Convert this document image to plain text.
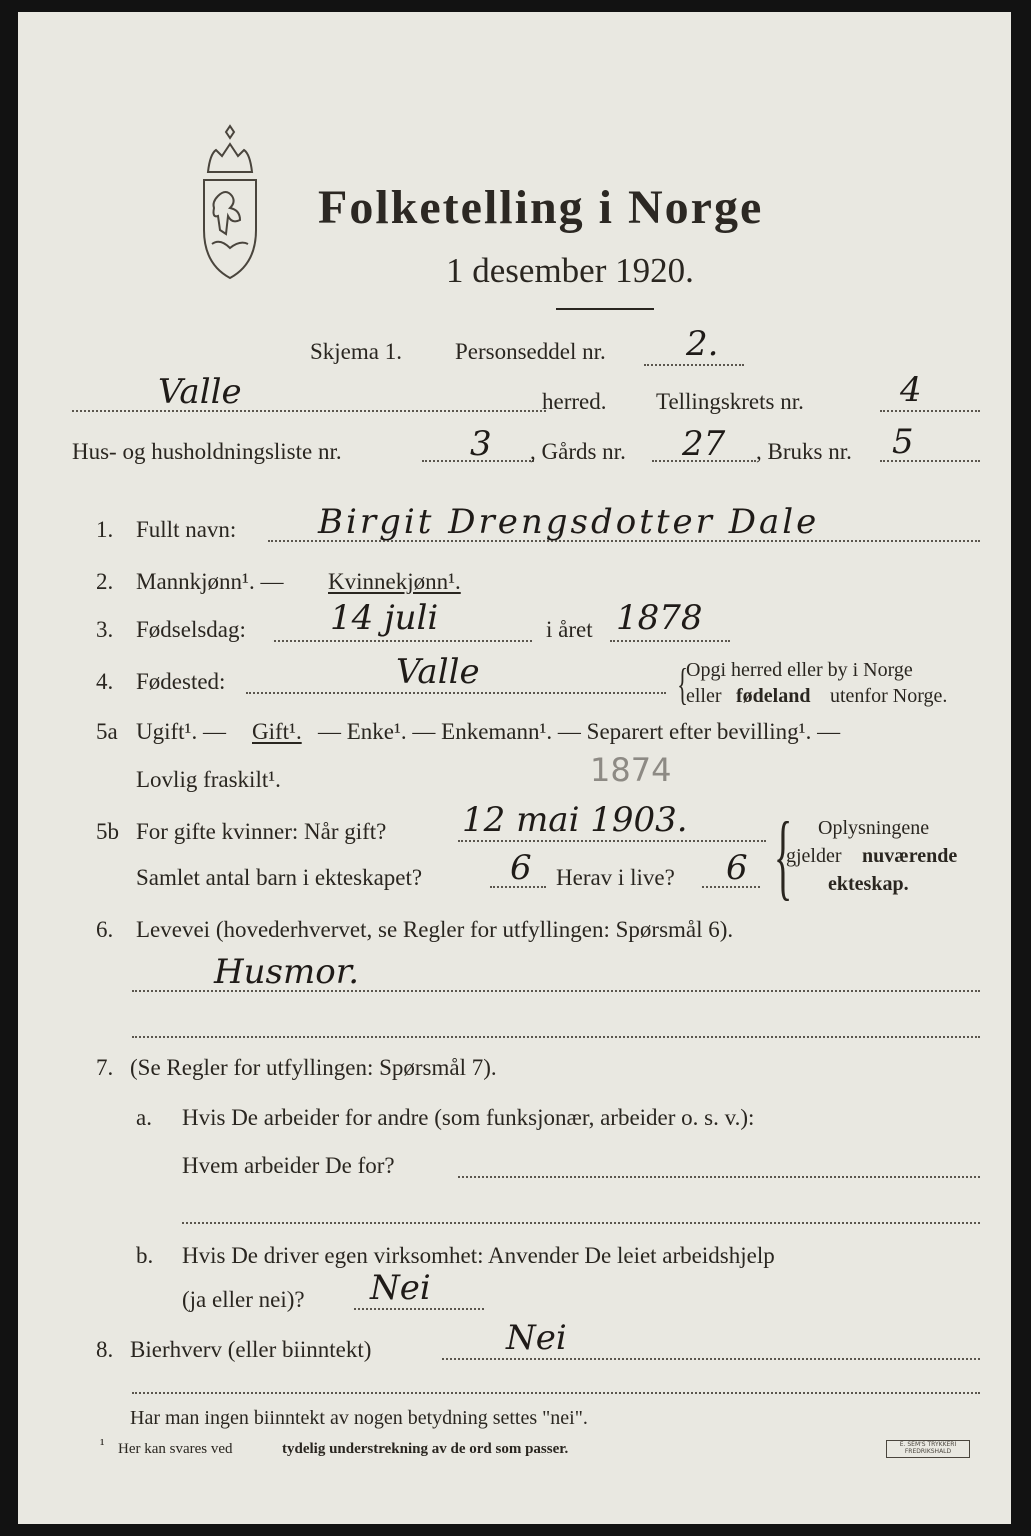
Folketelling i Norge
1 desember 1920.
Skjema 1. Personseddel nr. 2.
Valle	herred. Tellingskrets nr.	4
Hus- og husholdningsliste nr.	3 , Gårds nr. 27 , Bruks nr. 5
1. Fullt navn: Birgit Drengsdotter Dale
2. Mannkjønn¹. — Kvinnekjønn¹.
3. Fødselsdag: 14 juli	i året 1878
4. Fødested:	Valle	{
Opgi herred eller by i Norge
eller fødeland utenfor Norge.
5a Ugift¹. — Gift¹. — Enke¹. — Enkemann¹. — Separert efter bevilling¹. —
Lovlig fraskilt¹.	1874
5b For gifte kvinner: Når gift? 12 mai 1903.
Samlet antal barn i ekteskapet?	6 Herav i live? 6 { Oplysningene
gjelder nuværende
ekteskap.
6. Levevei (hovederhvervet, se Regler for utfyllingen: Spørsmål 6).
Husmor.
7. (Se Regler for utfyllingen: Spørsmål 7).
a. Hvis De arbeider for andre (som funksjonær, arbeider o. s. v.):
Hvem arbeider De for?
b. Hvis De driver egen virksomhet: Anvender De leiet arbeidshjelp
(ja eller nei)? Nei
8. Bierhverv (eller biinntekt)	Nei
Har man ingen biinntekt av nogen betydning settes "nei".
¹ Her kan svares ved	tydelig understrekning av de ord som passer.	E. SEM'S TRYKKERI
FREDRIKSHALD
